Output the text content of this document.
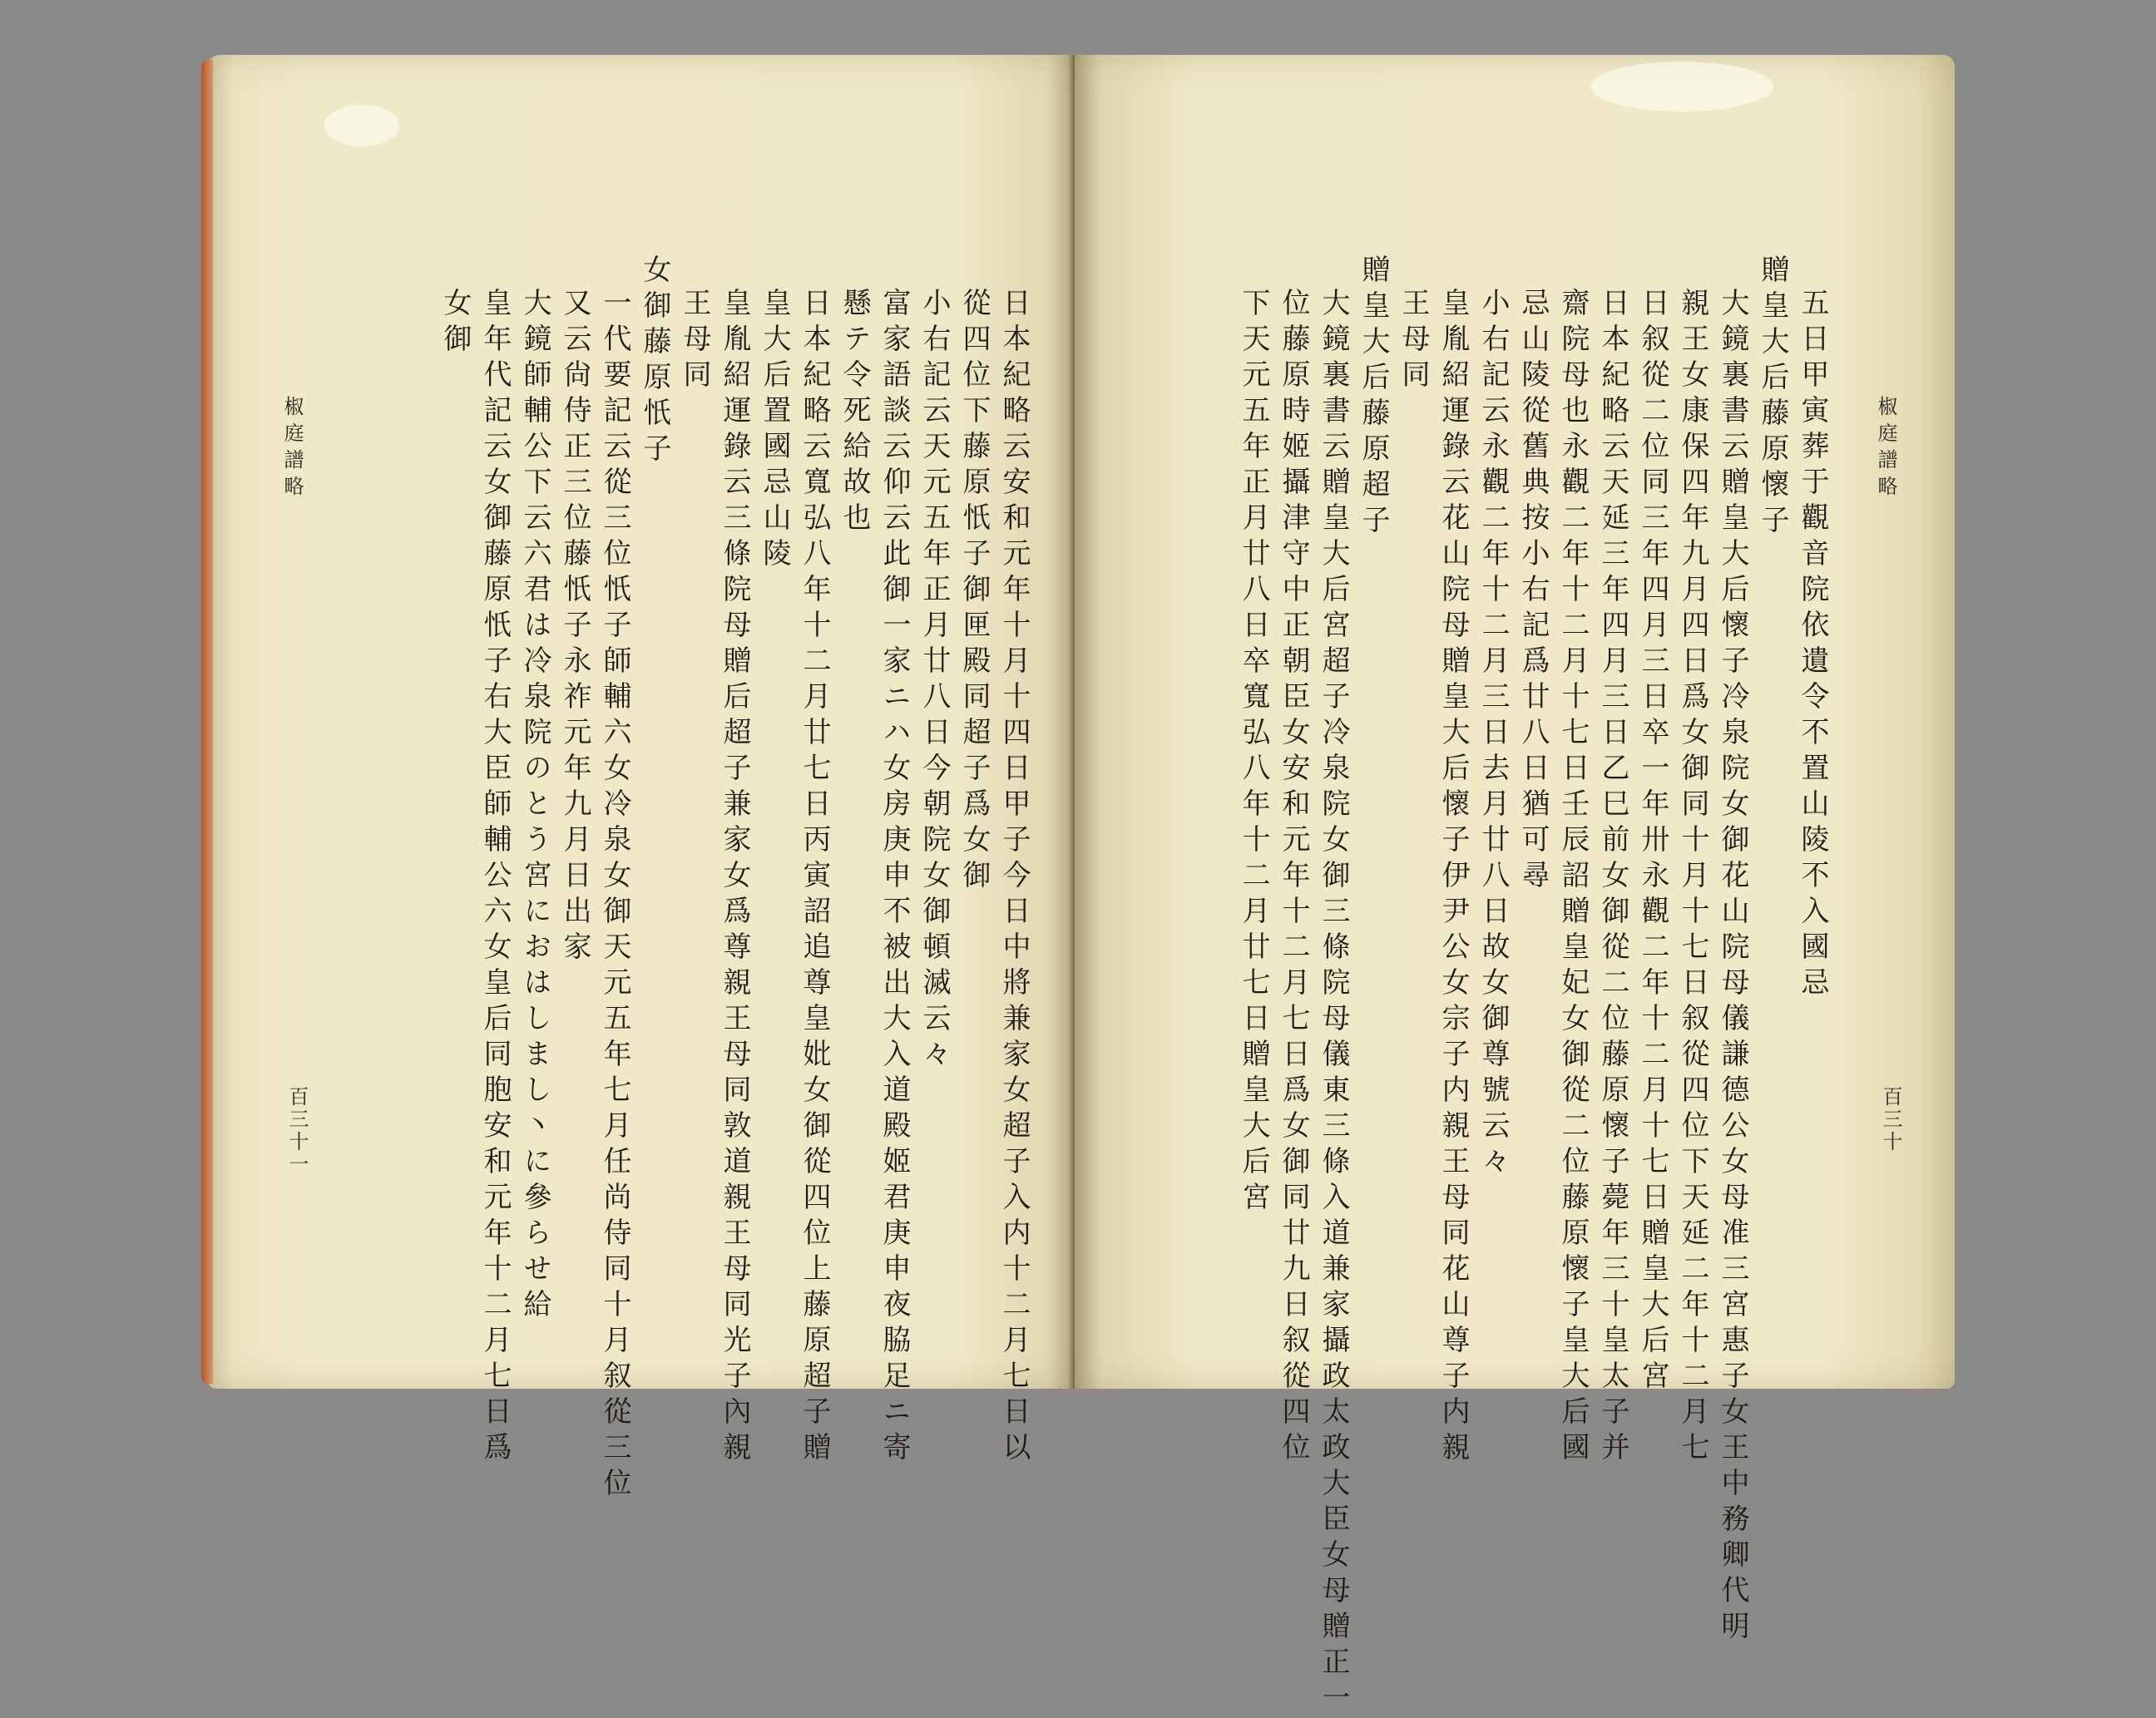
椒庭譜略
百三十一	日本紀略云安和元年十月十四日甲子今日中將兼家女超子入内十二月七日以
從四位下藤原忯子御匣殿同超子爲女御
小右記云天元五年正月廿八日今朝院女御頓滅云々
富家語談云仰云此御一家ニハ女房庚申不被出大入道殿姬君庚申夜脇足ニ寄
懸テ令死給故也
日本紀略云寬弘八年十二月廿七日丙寅詔追尊皇妣女御從四位上藤原超子贈
皇大后置國忌山陵
皇胤紹運錄云三條院母贈后超子兼家女爲尊親王母同敦道親王母同光子內親
王母同
女御藤原忯子
一代要記云從三位忯子師輔六女冷泉女御天元五年七月任尚侍同十月叙從三位
又云尙侍正三位藤忯子永祚元年九月日出家
大鏡師輔公下云六君は冷泉院のとう宮におはしまし丶に參らせ給
皇年代記云女御藤原忯子右大臣師輔公六女皇后同胞安和元年十二月七日爲
女御
椒庭譜略
百三十
五日甲寅葬于觀音院依遺令不置山陵不入國忌
贈皇大后藤原懷子
大鏡裏書云贈皇大后懷子冷泉院女御花山院母儀謙德公女母准三宮惠子女王中務卿代明
親王女康保四年九月四日爲女御同十月十七日叙從四位下天延二年十二月七
日叙從二位同三年四月三日卒一年卅永觀二年十二月十七日贈皇大后宮
日本紀略云天延三年四月三日乙巳前女御從二位藤原懷子薨年三十皇太子并
齋院母也永觀二年十二月十七日壬辰詔贈皇妃女御從二位藤原懷子皇大后國
忌山陵從舊典按小右記爲廿八日猶可尋
小右記云永觀二年十二月三日去月廿八日故女御尊號云々
皇胤紹運錄云花山院母贈皇大后懷子伊尹公女宗子内親王母同花山尊子内親
王母同
贈皇大后藤原超子
大鏡裏書云贈皇大后宮超子冷泉院女御三條院母儀東三條入道兼家攝政太政大臣女母贈正一
位藤原時姬攝津守中正朝臣女安和元年十二月七日爲女御同廿九日叙從四位
下天元五年正月廿八日卒寬弘八年十二月廿七日贈皇大后宮
